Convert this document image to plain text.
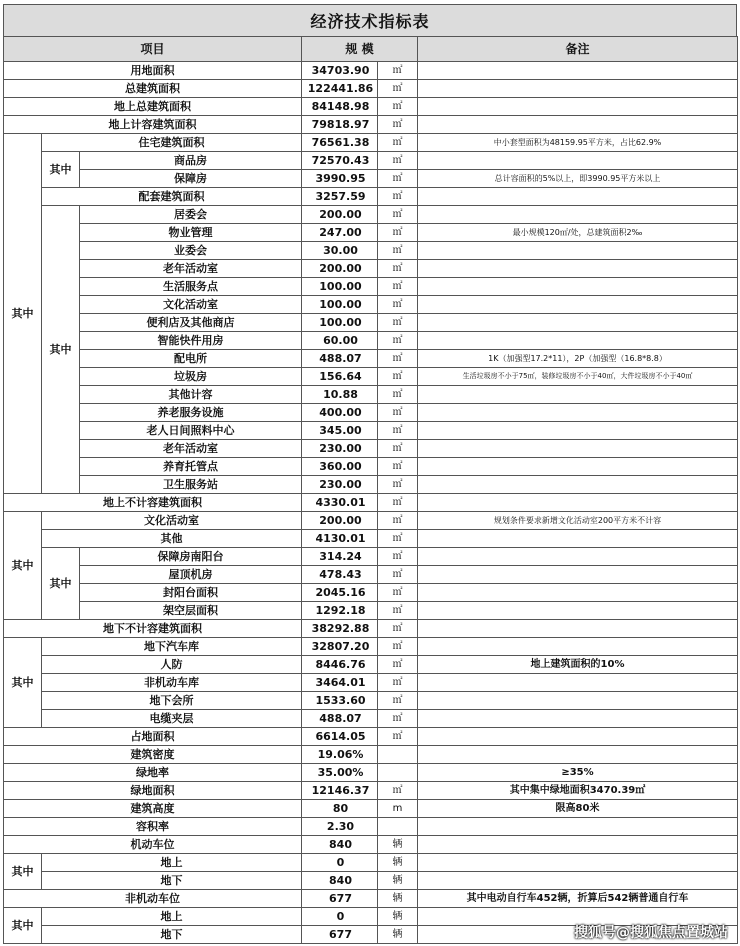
经济技术指标表
项目			规 模		备注
用地面积			34703.90	㎡	
总建筑面积			122441.86	㎡	
地上总建筑面积			84148.98	㎡	
地上计容建筑面积			79818.97	㎡	
其中	住宅建筑面积		76561.38	㎡	中小套型面积为48159.95平方米，占比62.9%
	其中	商品房	72570.43	㎡	
		保障房	3990.95	㎡	总计容面积的5%以上，即3990.95平方米以上
	配套建筑面积		3257.59	㎡	
	其中	居委会	200.00	㎡	
		物业管理	247.00	㎡	最小规模120㎡/处，总建筑面积2‰
		业委会	30.00	㎡	
		老年活动室	200.00	㎡	
		生活服务点	100.00	㎡	
		文化活动室	100.00	㎡	
		便利店及其他商店	100.00	㎡	
		智能快件用房	60.00	㎡	
		配电所	488.07	㎡	1K（加强型17.2*11），2P（加强型（16.8*8.8）
		垃圾房	156.64	㎡	生活垃圾房不小于75㎡，装修垃圾房不小于40㎡，大件垃圾房不小于40㎡
		其他计容	10.88	㎡	
		养老服务设施	400.00	㎡	
		老人日间照料中心	345.00	㎡	
		老年活动室	230.00	㎡	
		养育托管点	360.00	㎡	
		卫生服务站	230.00	㎡	
地上不计容建筑面积			4330.01	㎡	
其中	文化活动室		200.00	㎡	规划条件要求新增文化活动室200平方米不计容
	其他		4130.01	㎡	
	其中	保障房南阳台	314.24	㎡	
		屋顶机房	478.43	㎡	
		封阳台面积	2045.16	㎡	
		架空层面积	1292.18	㎡	
地下不计容建筑面积			38292.88	㎡	
其中	地下汽车库		32807.20	㎡	
	人防		8446.76	㎡	地上建筑面积的10%
	非机动车库		3464.01	㎡	
	地下会所		1533.60	㎡	
	电缆夹层		488.07	㎡	
占地面积			6614.05	㎡	
建筑密度			19.06%		
绿地率			35.00%		≥35%
绿地面积			12146.37	㎡	其中集中绿地面积3470.39㎡
建筑高度			80	m	限高80米
容积率			2.30		
机动车位			840	辆	
其中	地上		0	辆	
	地下		840	辆	
非机动车位			677	辆	其中电动自行车452辆，折算后542辆普通自行车
其中	地上		0	辆	
	地下		677	辆		搜狐号@搜狐焦点置城站
